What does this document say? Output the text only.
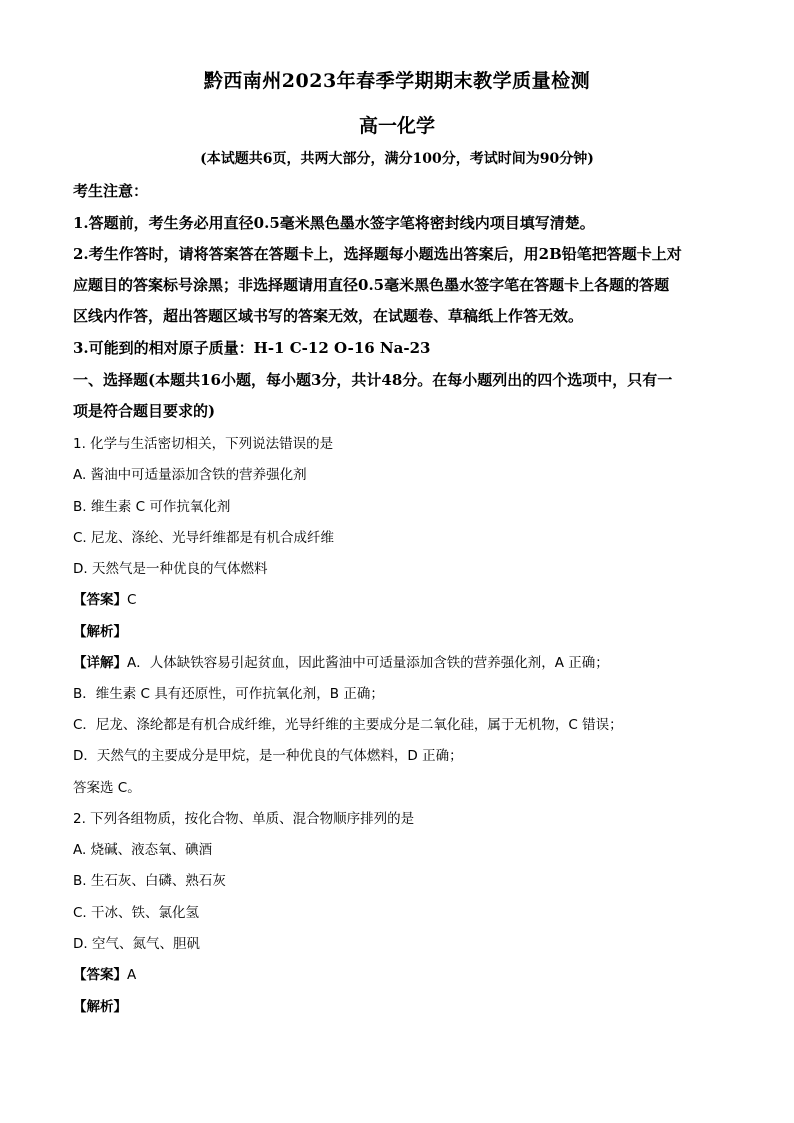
黔西南州2023年春季学期期末教学质量检测
高一化学
(本试题共6页，共两大部分，满分100分，考试时间为90分钟)
考生注意：
1.答题前，考生务必用直径0.5毫米黑色墨水签字笔将密封线内项目填写清楚。
2.考生作答时，请将答案答在答题卡上，选择题每小题选出答案后，用2B铅笔把答题卡上对
应题目的答案标号涂黑；非选择题请用直径0.5毫米黑色墨水签字笔在答题卡上各题的答题
区线内作答，超出答题区域书写的答案无效，在试题卷、草稿纸上作答无效。
3.可能到的相对原子质量：H-1 C-12 O-16 Na-23
一、选择题(本题共16小题，每小题3分，共计48分。在每小题列出的四个选项中，只有一
项是符合题目要求的)
1. 化学与生活密切相关，下列说法错误的是
A. 酱油中可适量添加含铁的营养强化剂
B. 维生素 C 可作抗氧化剂
C. 尼龙、涤纶、光导纤维都是有机合成纤维
D. 天然气是一种优良的气体燃料
【答案】C
【解析】
【详解】A．人体缺铁容易引起贫血，因此酱油中可适量添加含铁的营养强化剂，A 正确；
B．维生素 C 具有还原性，可作抗氧化剂，B 正确；
C．尼龙、涤纶都是有机合成纤维，光导纤维的主要成分是二氧化硅，属于无机物，C 错误；
D．天然气的主要成分是甲烷，是一种优良的气体燃料，D 正确；
答案选 C。
2. 下列各组物质，按化合物、单质、混合物顺序排列的是
A. 烧碱、液态氧、碘酒
B. 生石灰、白磷、熟石灰
C. 干冰、铁、氯化氢
D. 空气、氮气、胆矾
【答案】A
【解析】
